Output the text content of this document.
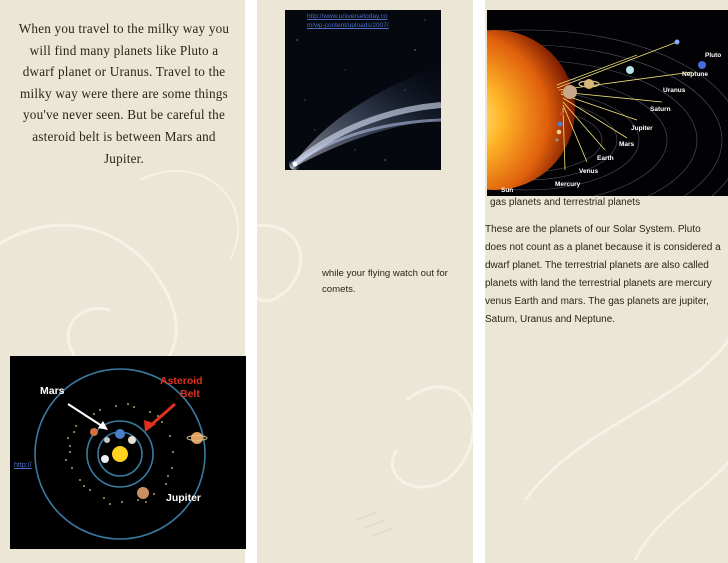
When you travel to the milky way you will find many planets like Pluto a dwarf planet or Uranus. Travel to the milky way were there are some things you've never seen. But be careful the asteroid belt is between Mars and Jupiter.
http://www.universetoday.com/wp-content/uploads/2007/
while your flying watch out for comets.
Pluto
Neptune
Uranus
Saturn
Jupiter
Mars
Earth
Venus
Mercury
Sun
gas planets and terrestrial planets
These are the planets of our Solar System. Pluto does not count as a planet because it is considered a dwarf planet. The terrestrial planets are also called planets with land the terrestrial planets are mercury venus Earth and mars. The gas planets are jupiter, Saturn, Uranus and Neptune.
Mars
Asteroid
Belt
Jupiter
http://
